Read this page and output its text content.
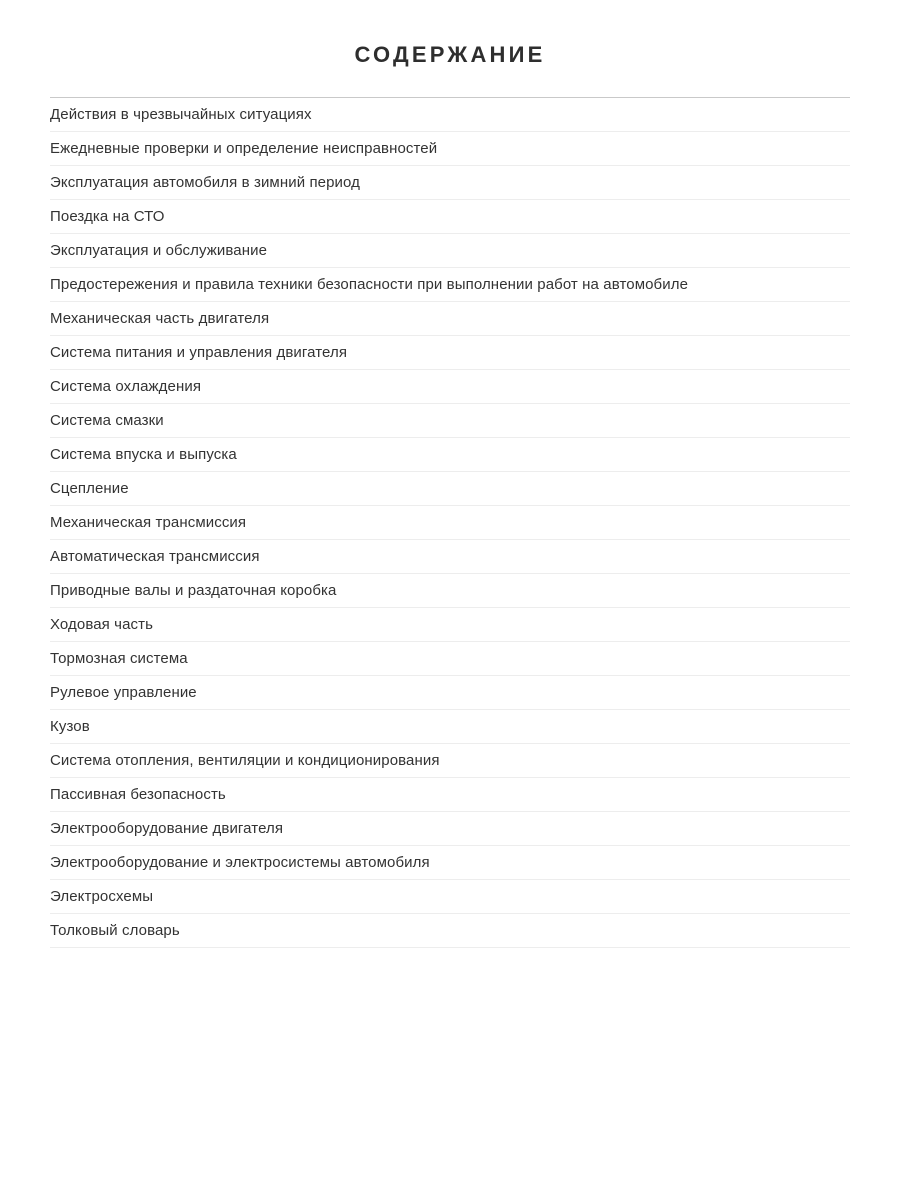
СОДЕРЖАНИЕ
Действия в чрезвычайных ситуациях
Ежедневные проверки и определение неисправностей
Эксплуатация автомобиля в зимний период
Поездка на СТО
Эксплуатация и обслуживание
Предостережения и правила техники безопасности при выполнении работ на автомобиле
Механическая часть двигателя
Система питания и управления двигателя
Система охлаждения
Система смазки
Система впуска и выпуска
Сцепление
Механическая трансмиссия
Автоматическая трансмиссия
Приводные валы и раздаточная коробка
Ходовая часть
Тормозная система
Рулевое управление
Кузов
Система отопления, вентиляции и кондиционирования
Пассивная безопасность
Электрооборудование двигателя
Электрооборудование и электросистемы автомобиля
Электросхемы
Толковый словарь
